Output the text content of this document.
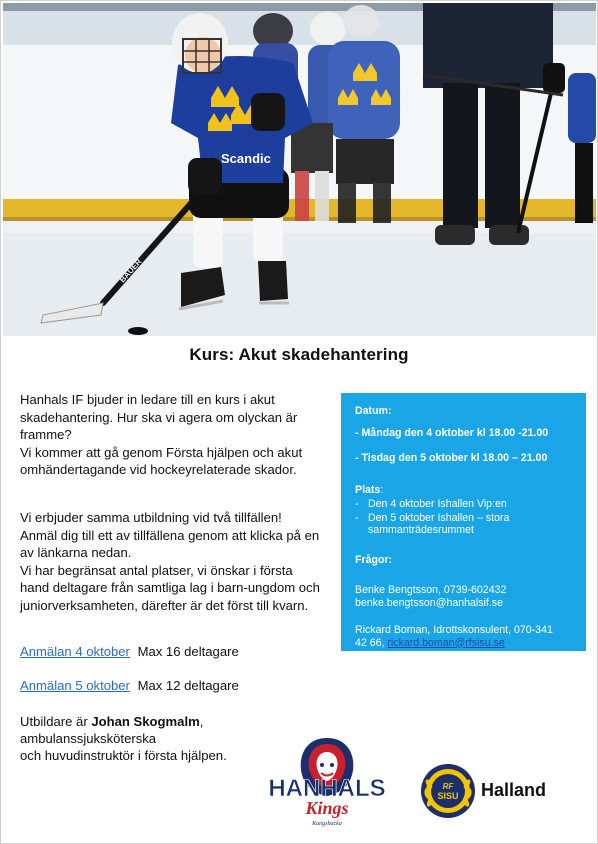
BAUER
Scandic
Kurs: Akut skadehantering
Hanhals IF bjuder in ledare till en kurs i akut
skadehantering. Hur ska vi agera om olyckan är
framme?
Vi kommer att gå genom Första hjälpen och akut
omhändertagande vid hockeyrelaterade skador.
Vi erbjuder samma utbildning vid två tillfällen!
Anmäl dig till ett av tillfällena genom att klicka på en
av länkarna nedan.
Vi har begränsat antal platser, vi önskar i första
hand deltagare från samtliga lag i barn-ungdom och
juniorverksamheten, därefter är det först till kvarn.
Anmälan 4 oktober Max 16 deltagare
Anmälan 5 oktober Max 12 deltagare
Utbildare är Johan Skogmalm,
ambulanssjuksköterska
och huvudinstruktör i första hjälpen.
Datum:
- Måndag den 4 oktober kl 18.00 -21.00
- Tisdag den 5 oktober kl 18.00 – 21.00
Plats:
- Den 4 oktober Ishallen Vip:en
- Den 5 oktober Ishallen – stora sammanträdesrummet
Frågor:
Benke Bengtsson, 0739-602432
benke.bengtsson@hanhalsif.se
Rickard Boman, Idrottskonsulent, 070-341
42 66, rickard.boman@rfsisu.se
HANHALS
Kings
Kungsbacka
RF
SISU Halland
